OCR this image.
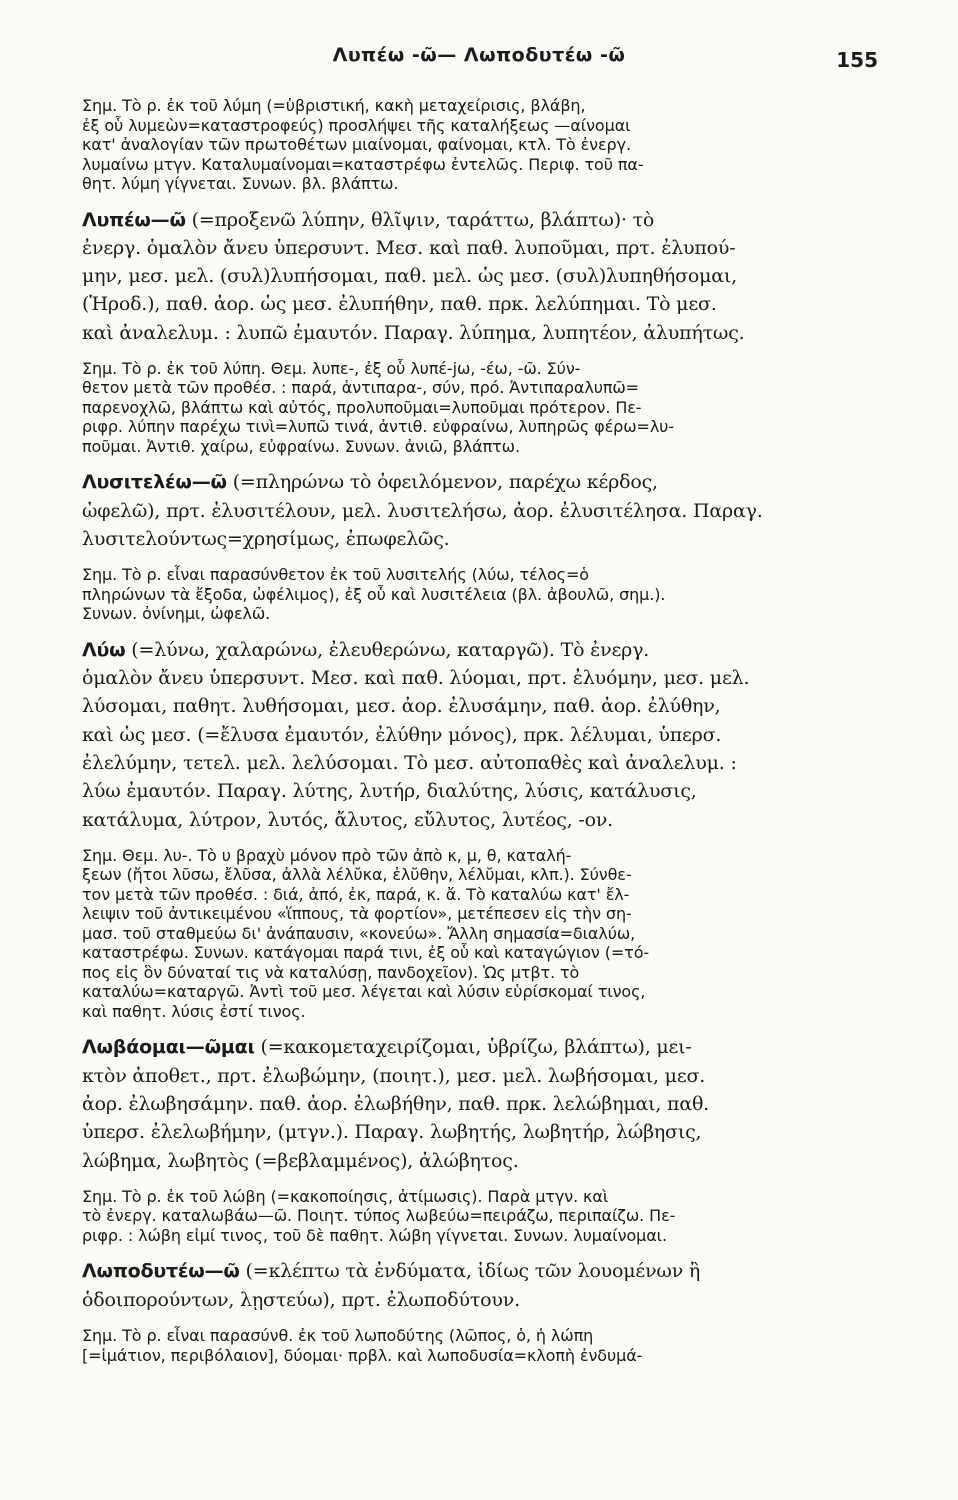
Λυπέω -ῶ— Λωποδυτέω -ῶ	155
Σημ. Τὸ ρ. ἐκ τοῦ λύμη (=ὑβριστική, κακὴ μεταχείρισις, βλάβη,
ἐξ οὗ λυμεὼν=καταστροφεύς) προσλήψει τῆς καταλήξεως —αίνομαι
κατ' ἀναλογίαν τῶν πρωτοθέτων μιαίνομαι, φαίνομαι, κτλ. Τὸ ἐνεργ.
λυμαίνω μτγν. Καταλυμαίνομαι=καταστρέφω ἐντελῶς. Περιφ. τοῦ πα-
θητ. λύμη γίγνεται. Συνων. βλ. βλάπτω.
Λυπέω—ῶ (=προξενῶ λύπην, θλῖψιν, ταράττω, βλάπτω)· τὸ
ἐνεργ. ὁμαλὸν ἄνευ ὑπερσυντ. Μεσ. καὶ παθ. λυποῦμαι, πρτ. ἐλυπού-
μην, μεσ. μελ. (συλ)λυπήσομαι, παθ. μελ. ὡς μεσ. (συλ)λυπηθήσομαι,
(Ἡροδ.), παθ. ἀορ. ὡς μεσ. ἐλυπήθην, παθ. πρκ. λελύπημαι. Τὸ μεσ.
καὶ ἀναλελυμ. : λυπῶ ἐμαυτόν. Παραγ. λύπημα, λυπητέον, ἀλυπήτως.
Σημ. Τὸ ρ. ἐκ τοῦ λύπη. Θεμ. λυπε-, ἐξ οὗ λυπέ-jω, -έω, -ῶ. Σύν-
θετον μετὰ τῶν προθέσ. : παρά, ἀντιπαρα-, σύν, πρό. Ἀντιπαραλυπῶ=
παρενοχλῶ, βλάπτω καὶ αὐτός, προλυποῦμαι=λυποῦμαι πρότερον. Πε-
ριφρ. λύπην παρέχω τινὶ=λυπῶ τινά, ἀντιθ. εὐφραίνω, λυπηρῶς φέρω=λυ-
ποῦμαι. Ἀντιθ. χαίρω, εὐφραίνω. Συνων. ἀνιῶ, βλάπτω.
Λυσιτελέω—ῶ (=πληρώνω τὸ ὀφειλόμενον, παρέχω κέρδος,
ὠφελῶ), πρτ. ἐλυσιτέλουν, μελ. λυσιτελήσω, ἀορ. ἐλυσιτέλησα. Παραγ.
λυσιτελούντως=χρησίμως, ἐπωφελῶς.
Σημ. Τὸ ρ. εἶναι παρασύνθετον ἐκ τοῦ λυσιτελής (λύω, τέλος=ὁ
πληρώνων τὰ ἔξοδα, ὠφέλιμος), ἐξ οὗ καὶ λυσιτέλεια (βλ. ἀβουλῶ, σημ.).
Συνων. ὀνίνημι, ὠφελῶ.
Λύω (=λύνω, χαλαρώνω, ἐλευθερώνω, καταργῶ). Τὸ ἐνεργ.
ὁμαλὸν ἄνευ ὑπερσυντ. Μεσ. καὶ παθ. λύομαι, πρτ. ἐλυόμην, μεσ. μελ.
λύσομαι, παθητ. λυθήσομαι, μεσ. ἀορ. ἐλυσάμην, παθ. ἀορ. ἐλύθην,
καὶ ὡς μεσ. (=ἔλυσα ἐμαυτόν, ἐλύθην μόνος), πρκ. λέλυμαι, ὑπερσ.
ἐλελύμην, τετελ. μελ. λελύσομαι. Τὸ μεσ. αὐτοπαθὲς καὶ ἀναλελυμ. :
λύω ἐμαυτόν. Παραγ. λύτης, λυτήρ, διαλύτης, λύσις, κατάλυσις,
κατάλυμα, λύτρον, λυτός, ἄλυτος, εὔλυτος, λυτέος, -ον.
Σημ. Θεμ. λυ-. Τὸ υ βραχὺ μόνον πρὸ τῶν ἀπὸ κ, μ, θ, καταλή-
ξεων (ἤτοι λῦσω, ἔλῦσα, ἀλλὰ λέλῠκα, ἐλῠθην, λέλῠμαι, κλπ.). Σύνθε-
τον μετὰ τῶν προθέσ. : διά, ἀπό, ἐκ, παρά, κ. ἄ. Τὸ καταλύω κατ' ἔλ-
λειψιν τοῦ ἀντικειμένου «ἵππους, τὰ φορτίον», μετέπεσεν εἰς τὴν ση-
μασ. τοῦ σταθμεύω δι' ἀνάπαυσιν, «κονεύω». Ἄλλη σημασία=διαλύω,
καταστρέφω. Συνων. κατάγομαι παρά τινι, ἐξ οὗ καὶ καταγώγιον (=τό-
πος εἰς ὃν δύναταί τις νὰ καταλύσῃ, πανδοχεῖον). Ὡς μτβτ. τὸ
καταλύω=καταργῶ. Ἀντὶ τοῦ μεσ. λέγεται καὶ λύσιν εὑρίσκομαί τινος,
καὶ παθητ. λύσις ἐστί τινος.
Λωβάομαι—ῶμαι (=κακομεταχειρίζομαι, ὑβρίζω, βλάπτω), μει-
κτὸν ἀποθετ., πρτ. ἐλωβώμην, (ποιητ.), μεσ. μελ. λωβήσομαι, μεσ.
ἀορ. ἐλωβησάμην. παθ. ἀορ. ἐλωβήθην, παθ. πρκ. λελώβημαι, παθ.
ὑπερσ. ἐλελωβήμην, (μτγν.). Παραγ. λωβητής, λωβητήρ, λώβησις,
λώβημα, λωβητὸς (=βεβλαμμένος), ἀλώβητος.
Σημ. Τὸ ρ. ἐκ τοῦ λώβη (=κακοποίησις, ἀτίμωσις). Παρὰ μτγν. καὶ
τὸ ἐνεργ. καταλωβάω—ῶ. Ποιητ. τύπος λωβεύω=πειράζω, περιπαίζω. Πε-
ριφρ. : λώβη εἰμί τινος, τοῦ δὲ παθητ. λώβη γίγνεται. Συνων. λυμαίνομαι.
Λωποδυτέω—ῶ (=κλέπτω τὰ ἐνδύματα, ἰδίως τῶν λουομένων ἢ
ὁδοιπορούντων, λῃστεύω), πρτ. ἐλωποδύτουν.
Σημ. Τὸ ρ. εἶναι παρασύνθ. ἐκ τοῦ λωποδύτης (λῶπος, ὁ, ἡ λώπη
[=ἱμάτιον, περιβόλαιον], δύομαι· πρβλ. καὶ λωποδυσία=κλοπὴ ἐνδυμά-
